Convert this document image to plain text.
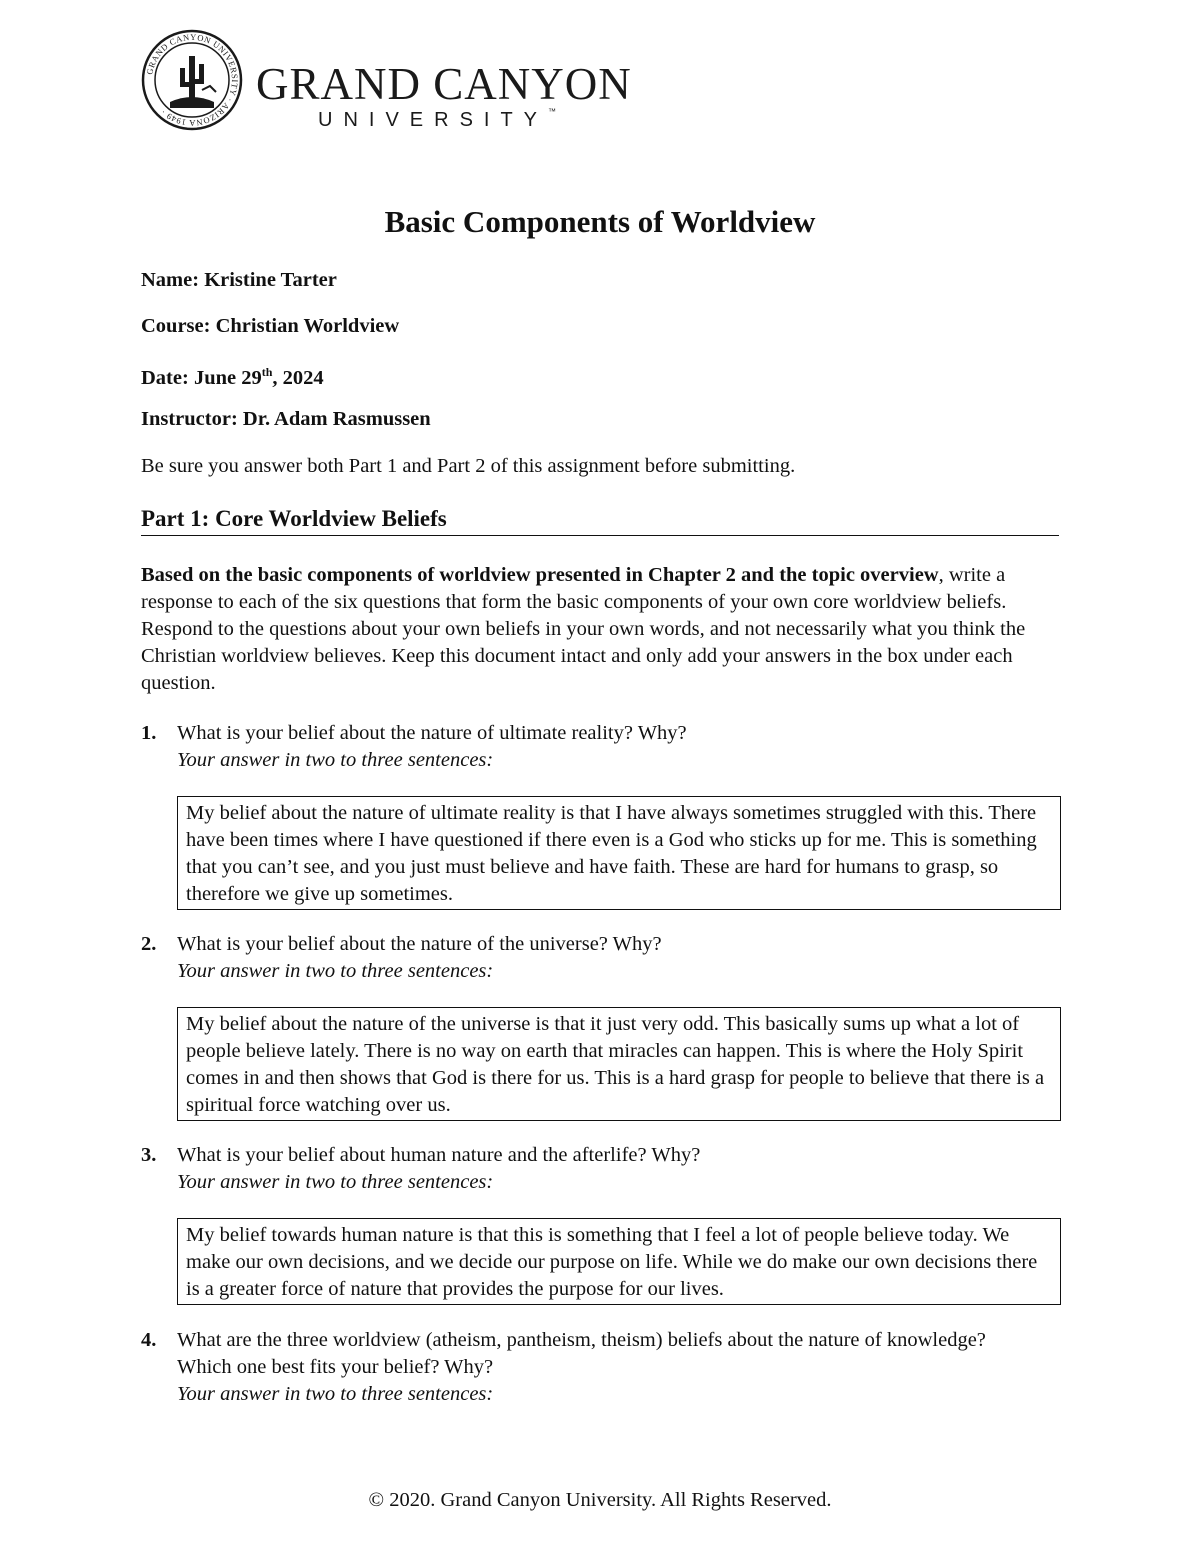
GRAND CANYON UNIVERSITY · ARIZONA 1949 ·
GRAND CANYON
UNIVERSITY™
Basic Components of Worldview
Name: Kristine Tarter
Course: Christian Worldview
Date: June 29th, 2024
Instructor: Dr. Adam Rasmussen
Be sure you answer both Part 1 and Part 2 of this assignment before submitting.
Part 1: Core Worldview Beliefs
Based on the basic components of worldview presented in Chapter 2 and the topic overview, write a response to each of the six questions that form the basic components of your own core worldview beliefs. Respond to the questions about your own beliefs in your own words, and not necessarily what you think the Christian worldview believes. Keep this document intact and only add your answers in the box under each question.
1. What is your belief about the nature of ultimate reality? Why?
Your answer in two to three sentences:
My belief about the nature of ultimate reality is that I have always sometimes struggled with this. There have been times where I have questioned if there even is a God who sticks up for me. This is something that you can’t see, and you just must believe and have faith. These are hard for humans to grasp, so therefore we give up sometimes.
2. What is your belief about the nature of the universe? Why?
Your answer in two to three sentences:
My belief about the nature of the universe is that it just very odd. This basically sums up what a lot of people believe lately. There is no way on earth that miracles can happen. This is where the Holy Spirit comes in and then shows that God is there for us. This is a hard grasp for people to believe that there is a spiritual force watching over us.
3. What is your belief about human nature and the afterlife? Why?
Your answer in two to three sentences:
My belief towards human nature is that this is something that I feel a lot of people believe today. We make our own decisions, and we decide our purpose on life. While we do make our own decisions there is a greater force of nature that provides the purpose for our lives.
4. What are the three worldview (atheism, pantheism, theism) beliefs about the nature of knowledge? Which one best fits your belief? Why?
Your answer in two to three sentences:
© 2020. Grand Canyon University. All Rights Reserved.
